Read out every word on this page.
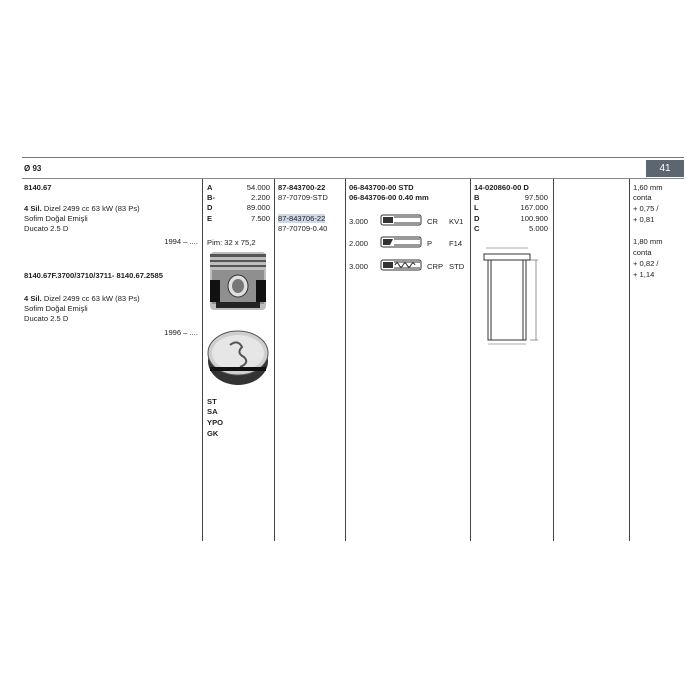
Ø 93	41
8140.67
4 Sil. Dizel 2499 cc 63 kW (83 Ps)
Sofim Doğal Emişli
Ducato 2.5 D
1994 – ....
8140.67F.3700/3710/3711- 8140.67.2585
4 Sil. Dizel 2499 cc 63 kW (83 Ps)
Sofim Doğal Emişli
Ducato 2.5 D
1996 – ....
A	54.000
B-	2.200
D	89.000
E	7.500
Pim: 32 x 75,2
ST
SA
YPO
GK
87-843700-22
87-70709-STD
87-843706-22
87-70709-0.40
06-843700-00 STD
06-843706-00 0.40 mm
3.000	CR KV1
2.000	P F14
3.000	CRP STD
14-020860-00 D
B	97.500
L	167.000
D	100.900
C	5.000
1,60 mm
conta
+ 0,75 /
+ 0,81
1,80 mm
conta
+ 0,82 /
+ 1,14
